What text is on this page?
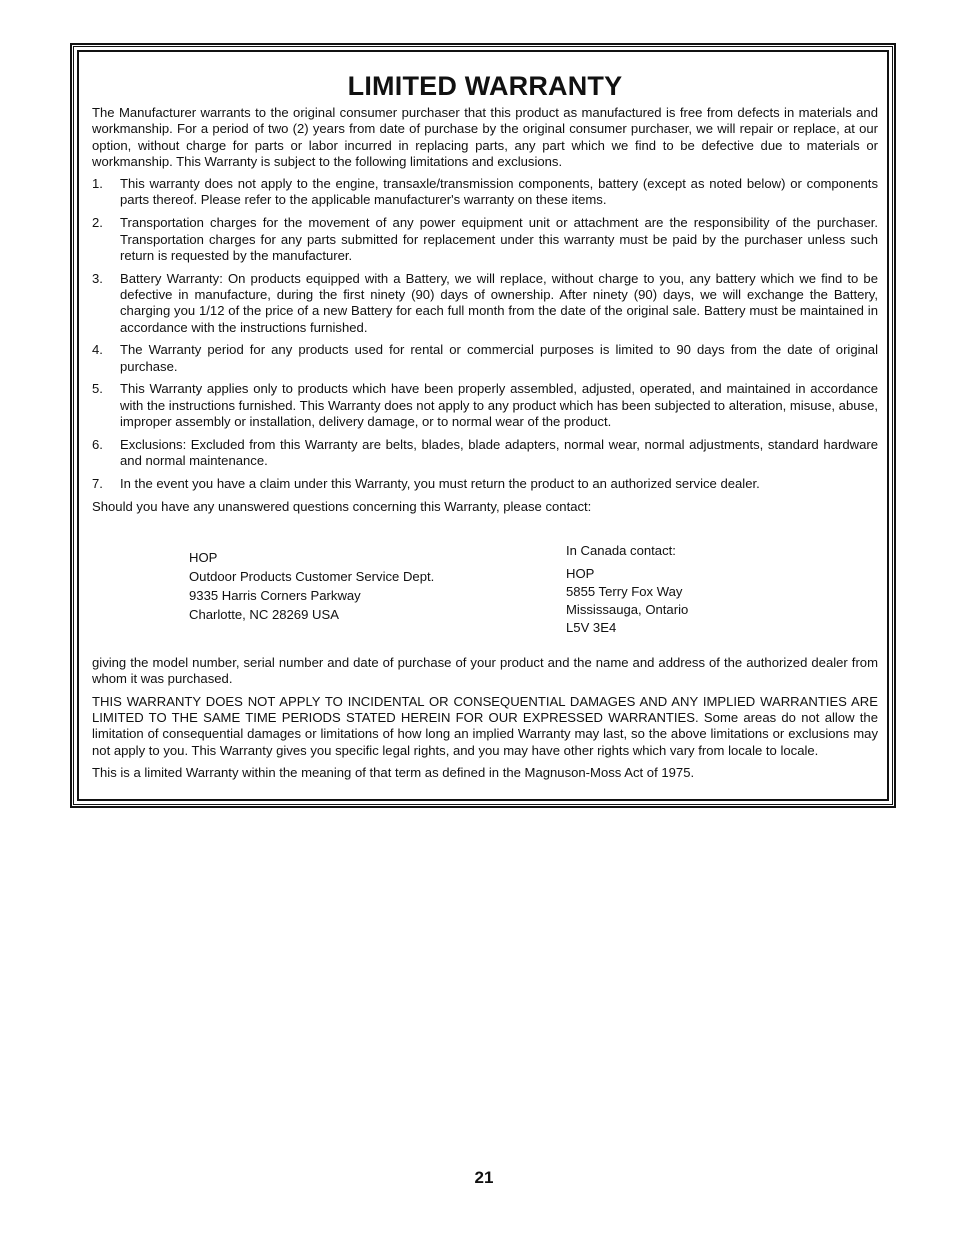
LIMITED WARRANTY

The Manufacturer warrants to the original consumer purchaser that this product as manufactured is free from defects in materials and workmanship. For a period of two (2) years from date of purchase by the original consumer purchaser, we will repair or replace, at our option, without charge for parts or labor incurred in replacing parts, any part which we find to be defective due to materials or workmanship. This Warranty is subject to the following limitations and exclusions.

1. This warranty does not apply to the engine, transaxle/transmission components, battery (except as noted below) or components parts thereof. Please refer to the applicable manufacturer's warranty on these items.
2. Transportation charges for the movement of any power equipment unit or attachment are the responsibility of the purchaser. Transportation charges for any parts submitted for replacement under this warranty must be paid by the purchaser unless such return is requested by the manufacturer.
3. Battery Warranty: On products equipped with a Battery, we will replace, without charge to you, any battery which we find to be defective in manufacture, during the first ninety (90) days of ownership. After ninety (90) days, we will exchange the Battery, charging you 1/12 of the price of a new Battery for each full month from the date of the original sale. Battery must be maintained in accordance with the instructions furnished.
4. The Warranty period for any products used for rental or commercial purposes is limited to 90 days from the date of original purchase.
5. This Warranty applies only to products which have been properly assembled, adjusted, operated, and maintained in accordance with the instructions furnished. This Warranty does not apply to any product which has been subjected to alteration, misuse, abuse, improper assembly or installation, delivery damage, or to normal wear of the product.
6. Exclusions: Excluded from this Warranty are belts, blades, blade adapters, normal wear, normal adjustments, standard hardware and normal maintenance.
7. In the event you have a claim under this Warranty, you must return the product to an authorized service dealer.

Should you have any unanswered questions concerning this Warranty, please contact:

HOP
Outdoor Products Customer Service Dept.
9335 Harris Corners Parkway
Charlotte, NC 28269 USA
In Canada contact:
HOP
5855 Terry Fox Way
Mississauga, Ontario
L5V 3E4

giving the model number, serial number and date of purchase of your product and the name and address of the authorized dealer from whom it was purchased.

THIS WARRANTY DOES NOT APPLY TO INCIDENTAL OR CONSEQUENTIAL DAMAGES AND ANY IMPLIED WARRANTIES ARE LIMITED TO THE SAME TIME PERIODS STATED HEREIN FOR OUR EXPRESSED WARRANTIES. Some areas do not allow the limitation of consequential damages or limitations of how long an implied Warranty may last, so the above limitations or exclusions may not apply to you. This Warranty gives you specific legal rights, and you may have other rights which vary from locale to locale.

This is a limited Warranty within the meaning of that term as defined in the Magnuson-Moss Act of 1975.

21
